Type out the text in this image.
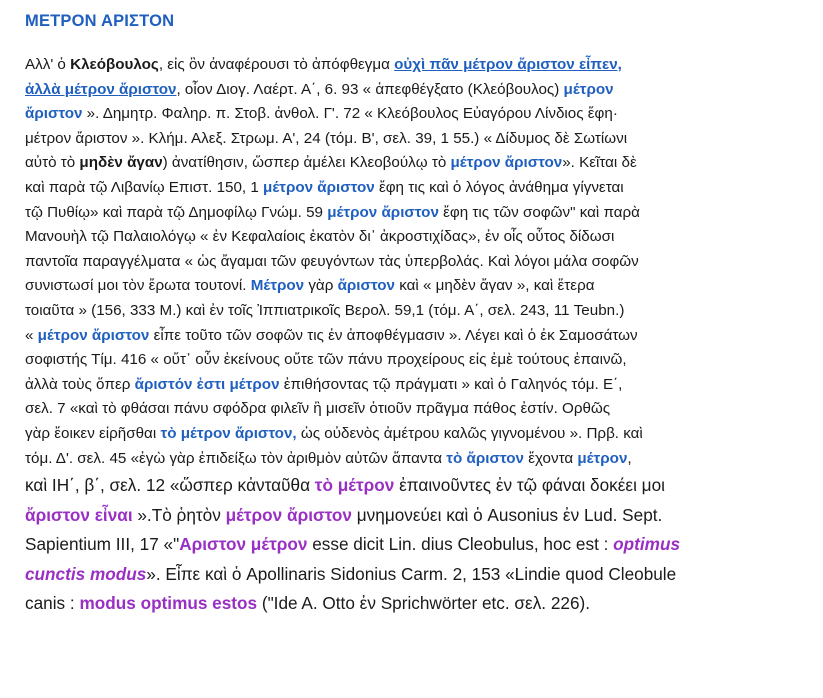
ΜΕΤΡΟΝ ΑΡΙΣΤΟΝ
Αλλ' ὁ Κλεόβουλος, εἰς ὃν ἀναφέρουσι τὸ ἀπόφθεγμα οὐχὶ πᾶν μέτρον ἄριστον εἶπεν,
ἀλλὰ μέτρον ἄριστον, οἷον Διογ. Λαέρτ. Α΄, 6. 93 « ἀπεφθέγξατο (Κλεόβουλος) μέτρον
ἄριστον ». Δημητρ. Φαληρ. π. Στοβ. ἀνθολ. Γ'. 72 « Κλεόβουλος Εὐαγόρου Λίνδιος ἔφη·
μέτρον ἄριστον ». Κλήμ. Αλεξ. Στρωμ. Α', 24 (τόμ. Β', σελ. 39, 1 55.) « Δίδυμος δὲ Σωτίωνι
αὐτὸ τὸ μηδὲν ἄγαν) ἀνατίθησιν, ὥσπερ ἀμέλει Κλεοβούλῳ τὸ μέτρον ἄριστον». Κεῖται δὲ
καὶ παρὰ τῷ Λιβανίῳ Επιστ. 150, 1 μέτρον ἄριστον ἔφη τις καὶ ὁ λόγος ἀνάθημα γίγνεται
τῷ Πυθίῳ» καὶ παρὰ τῷ Δημοφίλῳ Γνώμ. 59 μέτρον ἄριστον ἔφη τις τῶν σοφῶν" καὶ παρὰ
Μανουὴλ τῷ Παλαιολόγῳ « ἐν Κεφαλαίοις ἑκατὸν δι᾿ ἀκροστιχίδας», ἐν οἷς οὗτος δίδωσι
παντοῖα παραγγέλματα « ὡς ἄγαμαι τῶν φευγόντων τὰς ὑπερβολάς. Καὶ λόγοι μάλα σοφῶν
συνιστωσί μοι τὸν ἔρωτα τουτονί. Μέτρον γὰρ ἄριστον καὶ « μηδὲν ἄγαν », καὶ ἕτερα
τοιαῦτα » (156, 333 Μ.) καὶ ἐν τοῖς Ἰππιατρικοῖς Βερολ. 59,1 (τόμ. Α΄, σελ. 243, 11 Teubn.)
« μέτρον ἄριστον εἶπε τοῦτο τῶν σοφῶν τις ἐν ἀποφθέγμασιν ». Λέγει καὶ ὁ ἐκ Σαμοσάτων
σοφιστής Τίμ. 416 « οὔτ᾿ οὖν ἐκείνους οὔτε τῶν πάνυ προχείρους εἰς ἐμὲ τούτους ἐπαινῶ,
ἀλλὰ τοὺς ὅπερ ἄριστόν ἐστι μέτρον ἐπιθήσοντας τῷ πράγματι » καὶ ὁ Γαληνός τόμ. Ε΄,
σελ. 7 «καὶ τὸ φθάσαι πάνυ σφόδρα φιλεῖν ἢ μισεῖν ὁτιοῦν πρᾶγμα πάθος ἐστίν. Ορθῶς
γὰρ ἔοικεν εἰρῆσθαι τὸ μέτρον ἄριστον, ὡς οὐδενὸς ἀμέτρου καλῶς γιγνομένου ». Πρβ. καὶ
τόμ. Δ'. σελ. 45 «ἐγὼ γὰρ ἐπιδείξω τὸν ἀριθμὸν αὐτῶν ἅπαντα τὸ ἄριστον ἔχοντα μέτρον,
καὶ ΙΗ΄, β΄, σελ. 12 «ὥσπερ κἀνταῦθα τὸ μέτρον ἐπαινοῦντες ἐν τῷ φάναι δοκέει μοι
ἄριστον εἶναι ».Τὸ ῥητὸν μέτρον ἄριστον μνημονεύει καὶ ὁ Ausonius ἐν Lud. Sept.
Sapientium III, 17 «"Αριστον μέτρον esse dicit Lin. dius Cleobulus, hoc est : optimus
cunctis modus». Εἶπε καὶ ὁ Apollinaris Sidonius Carm. 2, 153 «Lindie quod Cleobule
canis : modus optimus estos ("Ide A. Otto ἐν Sprichwörter etc. σελ. 226).
